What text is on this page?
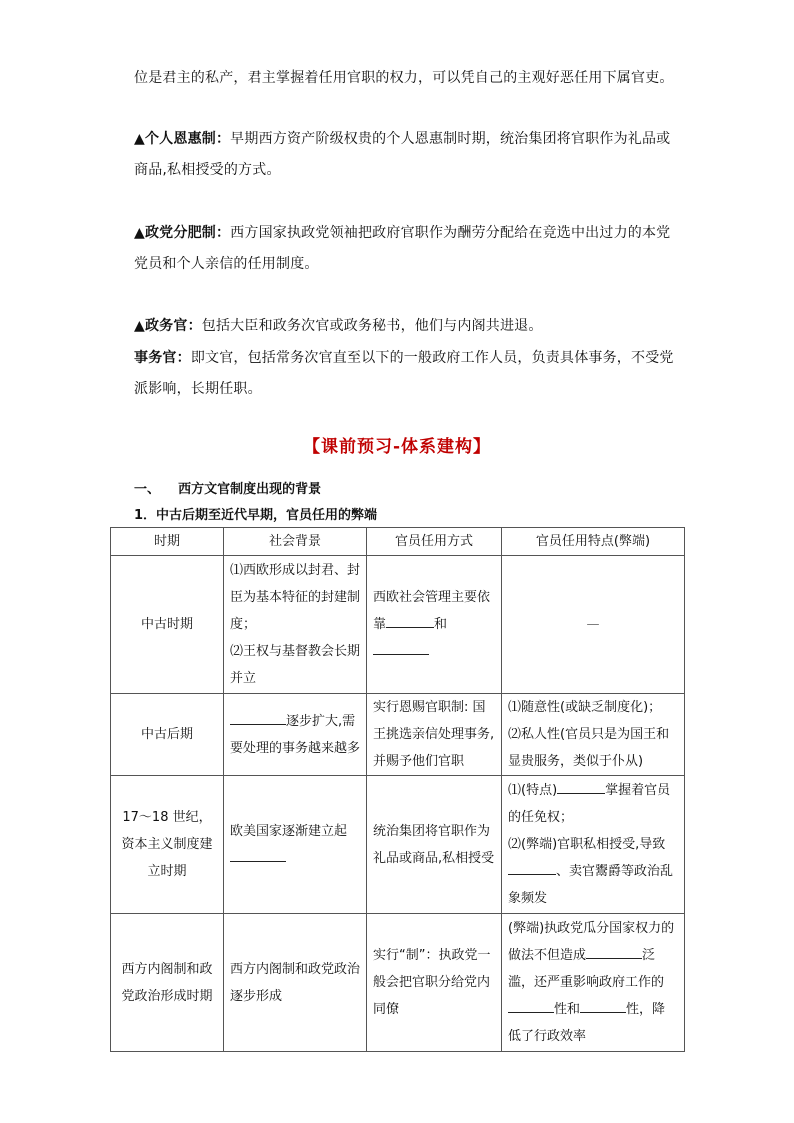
位是君主的私产，君主掌握着任用官职的权力，可以凭自己的主观好恶任用下属官吏。
▲个人恩惠制：早期西方资产阶级权贵的个人恩惠制时期，统治集团将官职作为礼品或商品,私相授受的方式。
▲政党分肥制：西方国家执政党领袖把政府官职作为酬劳分配给在竞选中出过力的本党党员和个人亲信的任用制度。
▲政务官：包括大臣和政务次官或政务秘书，他们与内阁共进退。
事务官：即文官，包括常务次官直至以下的一般政府工作人员，负责具体事务，不受党派影响，长期任职。
【课前预习-体系建构】
一、    西方文官制度出现的背景
1．中古后期至近代早期，官员任用的弊端
时期	社会背景	官员任用方式	官员任用特点(弊端)
中古时期	⑴西欧形成以封君、封臣为基本特征的封建制度；
⑵王权与基督教会长期并立	西欧社会管理主要依靠 和	—
中古后期	逐步扩大,需要处理的事务越来越多	实行恩赐官职制: 国王挑选亲信处理事务,并赐予他们官职	⑴随意性(或缺乏制度化)；
⑵私人性(官员只是为国王和显贵服务，类似于仆从)

17～18 世纪，资本主义制度建立时期	欧美国家逐渐建立起	统治集团将官职作为礼品或商品,私相授受	⑴(特点) 掌握着官员的任免权；
⑵(弊端)官职私相授受,导致、卖官鬻爵等政治乱象频发

西方内阁制和政党政治形成时期	西方内阁制和政党政治逐步形成	实行“制”：执政党一般会把官职分给党内同僚	(弊端)执政党瓜分国家权力的做法不但造成 泛滥，还严重影响政府工作的性和 性，降低了行政效率
